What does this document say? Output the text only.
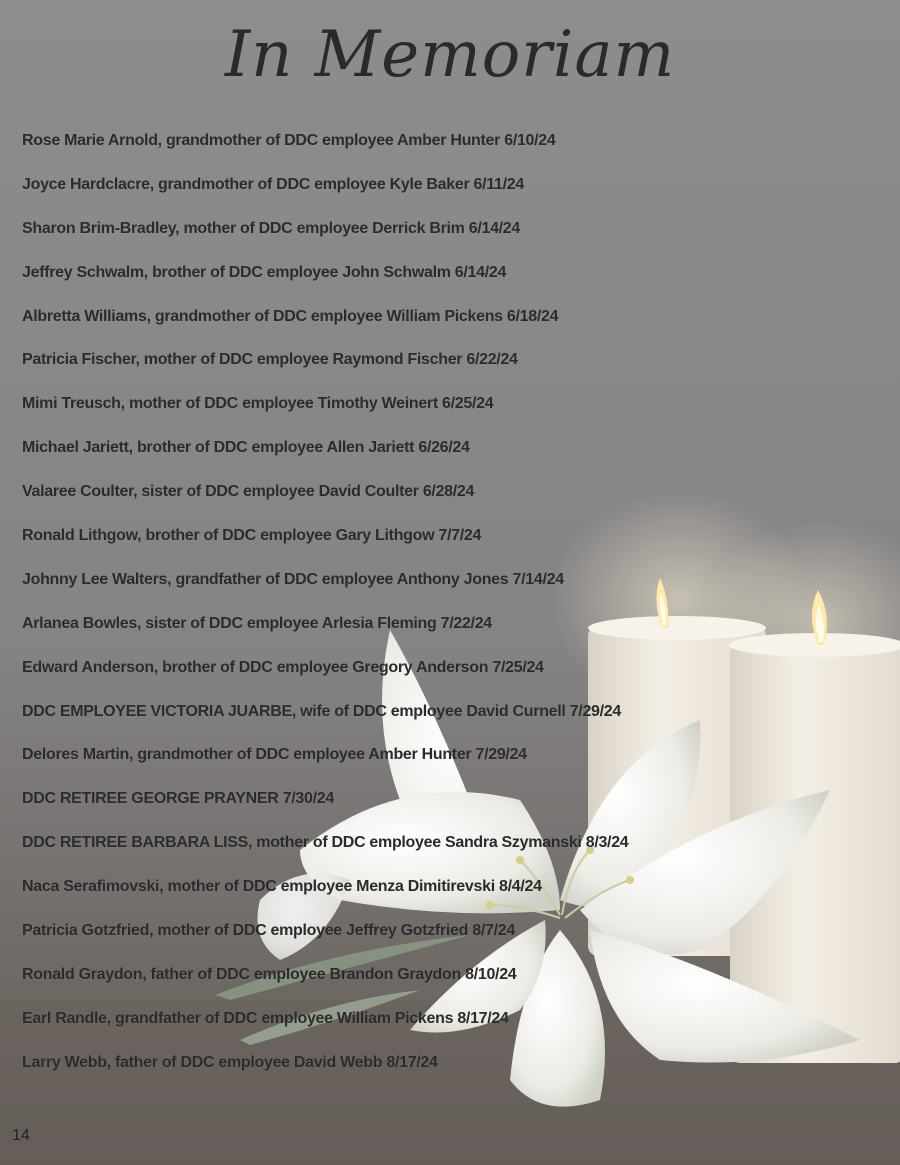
In Memoriam
Rose Marie Arnold, grandmother of DDC employee Amber Hunter 6/10/24
Joyce Hardclacre, grandmother of DDC employee Kyle Baker 6/11/24
Sharon Brim-Bradley, mother of DDC employee Derrick Brim 6/14/24
Jeffrey Schwalm, brother of DDC employee John Schwalm 6/14/24
Albretta Williams, grandmother of DDC employee William Pickens 6/18/24
Patricia Fischer, mother of DDC employee Raymond Fischer 6/22/24
Mimi Treusch, mother of DDC employee Timothy Weinert 6/25/24
Michael Jariett, brother of DDC employee Allen Jariett 6/26/24
Valaree Coulter, sister of DDC employee David Coulter 6/28/24
Ronald Lithgow, brother of DDC employee Gary Lithgow 7/7/24
Johnny Lee Walters, grandfather of DDC employee Anthony Jones 7/14/24
Arlanea Bowles, sister of DDC employee Arlesia Fleming 7/22/24
Edward Anderson, brother of DDC employee Gregory Anderson 7/25/24
DDC EMPLOYEE VICTORIA JUARBE, wife of DDC employee David Curnell 7/29/24
Delores Martin, grandmother of DDC employee Amber Hunter 7/29/24
DDC RETIREE GEORGE PRAYNER 7/30/24
DDC RETIREE BARBARA LISS, mother of DDC employee Sandra Szymanski 8/3/24
Naca Serafimovski, mother of DDC employee Menza Dimitirevski 8/4/24
Patricia Gotzfried, mother of DDC employee Jeffrey Gotzfried 8/7/24
Ronald Graydon, father of DDC employee Brandon Graydon 8/10/24
Earl Randle, grandfather of DDC employee William Pickens 8/17/24
Larry Webb, father of DDC employee David Webb 8/17/24
14
